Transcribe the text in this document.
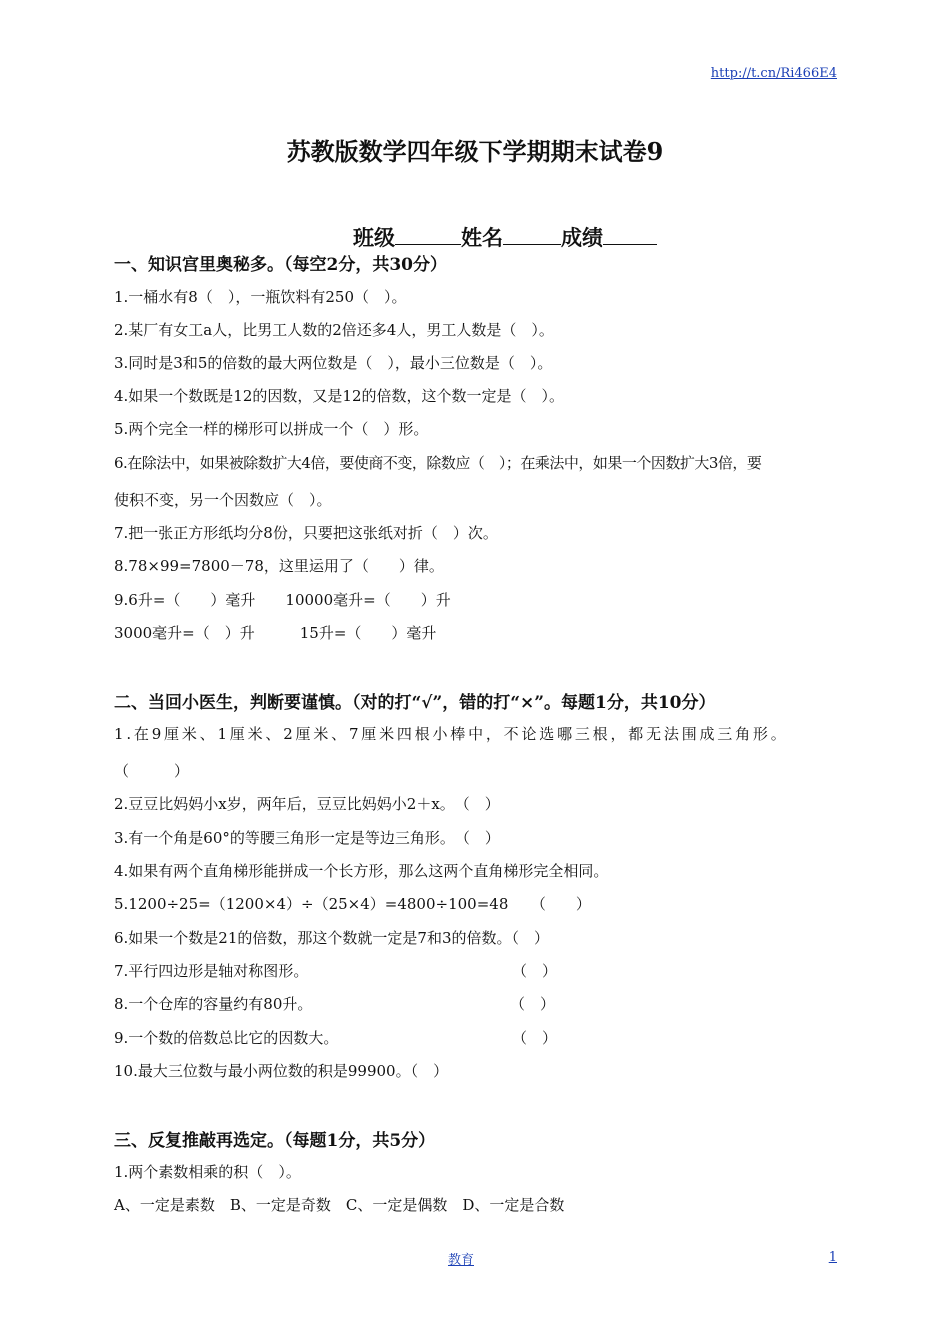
http://t.cn/Ri466E4
苏教版数学四年级下学期期末试卷9
班级	姓名	成绩
一、知识宫里奥秘多。（每空2分，共30分）
1.一桶水有8（　），一瓶饮料有250（　）。
2.某厂有女工a人，比男工人数的2倍还多4人，男工人数是（　）。
3.同时是3和5的倍数的最大两位数是（　），最小三位数是（　）。
4.如果一个数既是12的因数，又是12的倍数，这个数一定是（　）。
5.两个完全一样的梯形可以拼成一个（　）形。
6.在除法中，如果被除数扩大4倍，要使商不变，除数应（　）；在乘法中，如果一个因数扩大3倍，要
使积不变，另一个因数应（　）。
7.把一张正方形纸均分8份，只要把这张纸对折（　）次。
8.78×99=7800－78，这里运用了（　　）律。
9.6升=（　　）毫升　　10000毫升=（　　）升
3000毫升=（　）升　　　15升=（　　）毫升
二、当回小医生，判断要谨慎。（对的打“√”，错的打“×”。每题1分，共10分）
1.在9厘米、1厘米、2厘米、7厘米四根小棒中，不论选哪三根，都无法围成三角形。
（　　　）
2.豆豆比妈妈小x岁，两年后，豆豆比妈妈小2＋x。　（　）
3.有一个角是60°的等腰三角形一定是等边三角形。　（　）
4.如果有两个直角梯形能拼成一个长方形，那么这两个直角梯形完全相同。
5.1200÷25=（1200×4）÷（25×4）=4800÷100=48　　（　　）
6.如果一个数是21的倍数，那这个数就一定是7和3的倍数。（　）
7.平行四边形是轴对称图形。	（　）
8.一个仓库的容量约有80升。	（　）
9.一个数的倍数总比它的因数大。	（　）
10.最大三位数与最小两位数的积是99900。（　）
三、反复推敲再选定。（每题1分，共5分）
1.两个素数相乘的积（　）。
A、一定是素数　B、一定是奇数　C、一定是偶数　D、一定是合数
教育	1
